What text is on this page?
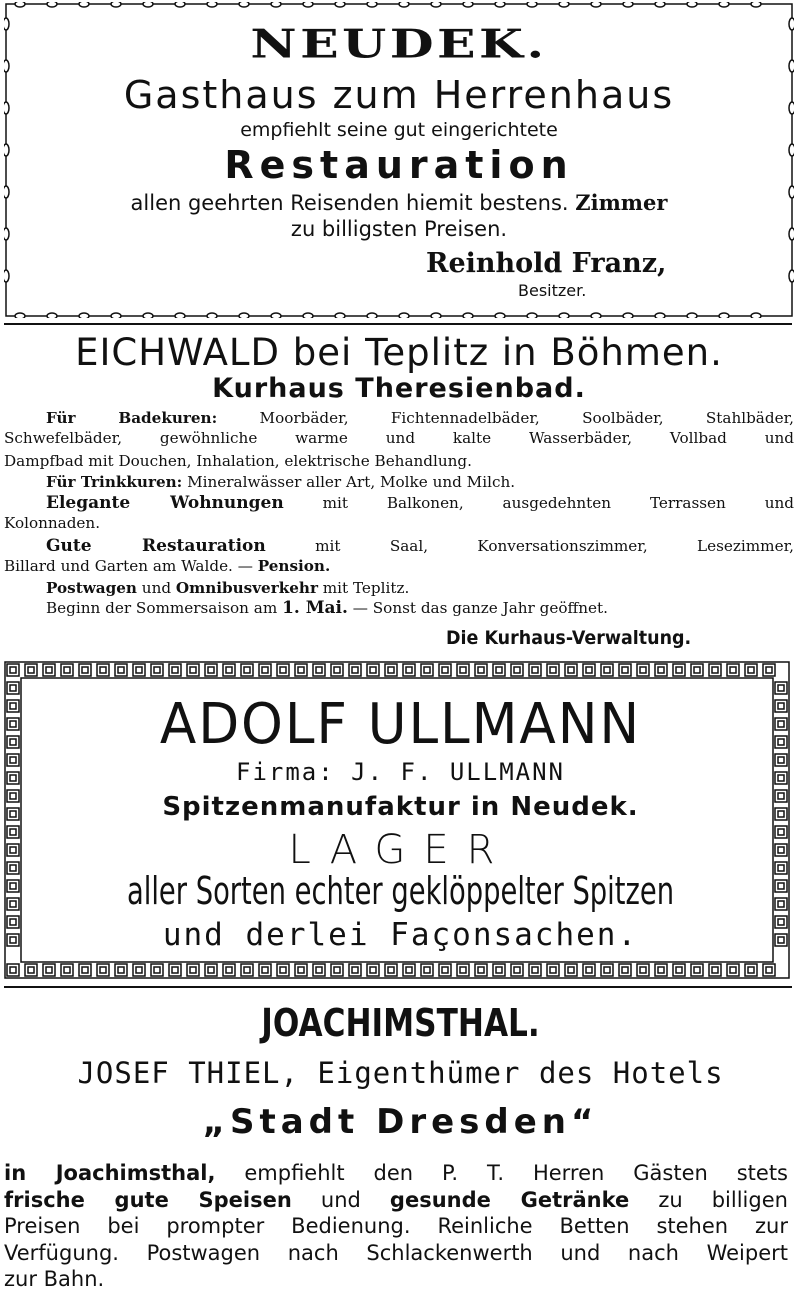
NEUDEK.
Gasthaus zum Herrenhaus
empfiehlt seine gut eingerichtete
Restauration
allen geehrten Reisenden hiemit bestens. Zimmer
zu billigsten Preisen.
Reinhold Franz,
Besitzer.
EICHWALD bei Teplitz in Böhmen.
Kurhaus Theresienbad.
Für Badekuren:	Moorbäder, Fichtennadelbäder, Soolbäder, Stahlbäder,
Schwefelbäder, gewöhnliche warme und kalte Wasserbäder, Vollbad und
Dampfbad mit Douchen, Inhalation, elektrische Behandlung.
Für Trinkkuren: Mineralwässer aller Art, Molke und Milch.
Elegante Wohnungen	mit Balkonen, ausgedehnten Terrassen und
Kolonnaden.
Gute Restauration	mit Saal, Konversationszimmer, Lesezimmer,
Billard und Garten am Walde. — Pension.
Postwagen und Omnibusverkehr mit Teplitz.
Beginn der Sommersaison am 1. Mai. — Sonst das ganze Jahr geöffnet.
Die Kurhaus-Verwaltung.
ADOLF ULLMANN
Firma: J. F. ULLMANN
Spitzenmanufaktur in Neudek.
LAGER
aller Sorten echter geklöppelter Spitzen
und derlei Façonsachen.
JOACHIMSTHAL.
JOSEF THIEL, Eigenthümer des Hotels
„Stadt Dresden“
in Joachimsthal, empfiehlt den P. T. Herren Gästen stets
frische gute Speisen und gesunde Getränke zu billigen
Preisen bei prompter Bedienung. Reinliche Betten stehen zur
Verfügung. Postwagen nach Schlackenwerth und nach Weipert
zur Bahn.
